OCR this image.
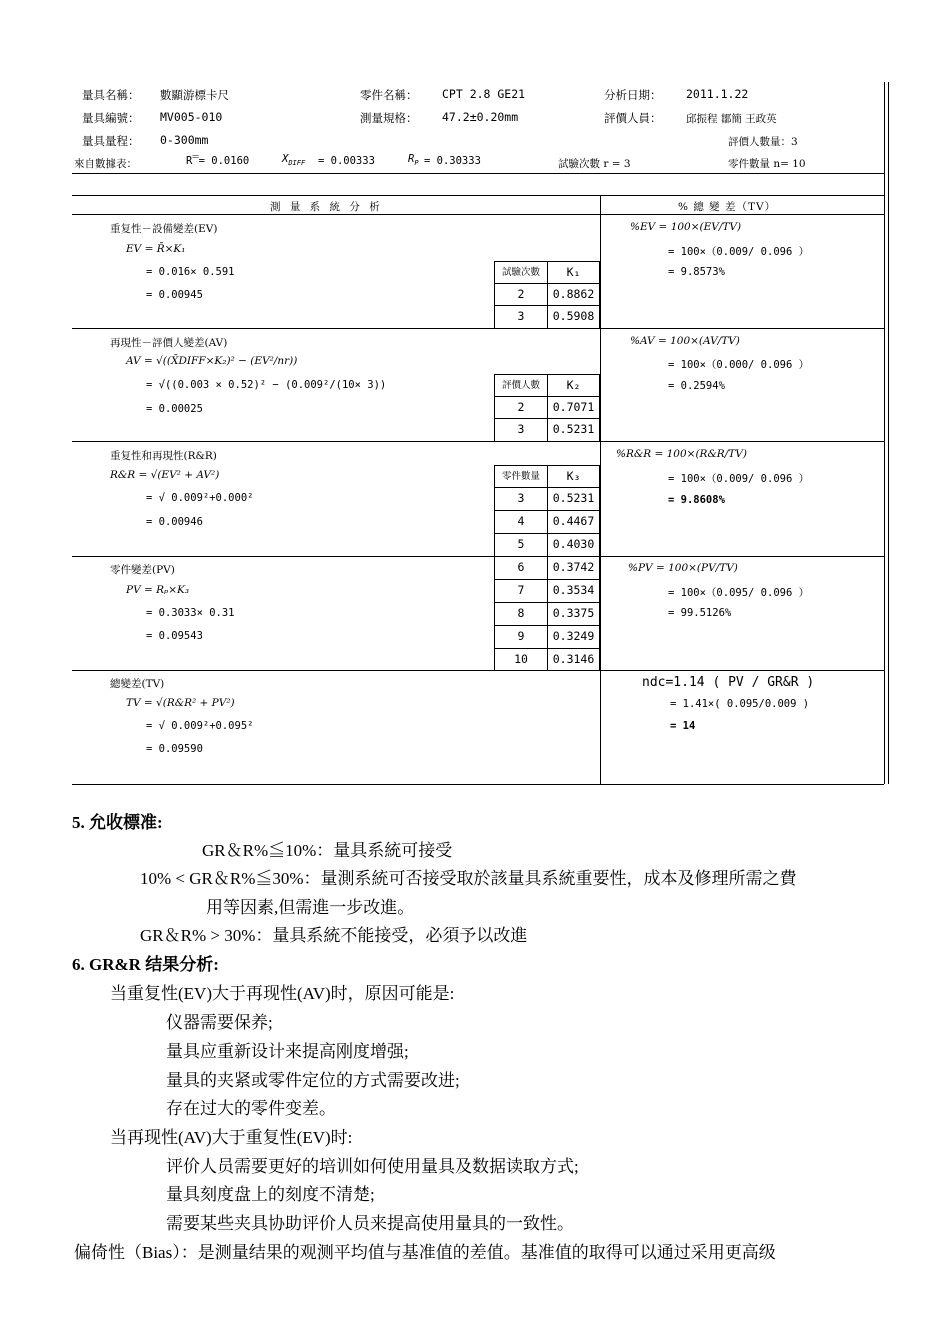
量具名稱： 數顯游標卡尺	零件名稱： CPT 2.8 GE21	分析日期： 2011.1.22
量具編號： MV005-010	測量規格： 47.2±0.20mm	評價人員： 邱振程 鄒簡 王政英
量具量程： 0-300mm	評價人數量：3
來自數據表：	R̿= 0.0160	$X_{DIFF} = 0.00333$	$R_P = 0.30333$	試驗次數 r = 3	零件數量 n= 10
測 量 系 統 分 析	% 總 變 差（TV）
重复性－設備變差(EV)
EV = R̄×K₁
= 0.016× 0.591
= 0.00945
試驗次數	K₁
2	0.8862
3	0.5908
%EV = 100×(EV/TV)
= 100×（0.009/ 0.096 ）
= 9.8573%
再現性－評價人變差(AV)
AV = √((X̄DIFF×K₂)² − (EV²/nr))
= √((0.003 × 0.52)² − (0.009²/(10× 3))
= 0.00025
評價人數	K₂
2	0.7071
3	0.5231
%AV = 100×(AV/TV)
= 100×（0.000/ 0.096 ）
= 0.2594%
重复性和再現性(R&R)
R&R = √(EV² + AV²)
= √ 0.009²+0.000²
= 0.00946
零件數量	K₃
3	0.5231
4	0.4467
5	0.4030
6	0.3742
7	0.3534
8	0.3375
9	0.3249
10	0.3146
%R&R = 100×(R&R/TV)
= 100×（0.009/ 0.096 ）
= 9.8608%
零件變差(PV)
PV = Rₚ×K₃
= 0.3033× 0.31
= 0.09543
%PV = 100×(PV/TV)
= 100×（0.095/ 0.096 ）
= 99.5126%
總變差(TV)
TV = √(R&R² + PV²)
= √ 0.009²+0.095²
= 0.09590
ndc=1.14 ( PV / GR&R )
= 1.41×( 0.095/0.009 )
= 14
5. 允收標准:
GR＆R%≦10%：量具系統可接受
10% < GR＆R%≦30%：量測系統可否接受取於該量具系統重要性，成本及修理所需之費
用等因素,但需進一步改進。
GR＆R% > 30%：量具系統不能接受，必須予以改進
6. GR&R 结果分析:
当重复性(EV)大于再现性(AV)时，原因可能是:
仪器需要保养;
量具应重新设计来提高刚度增强;
量具的夹紧或零件定位的方式需要改进;
存在过大的零件变差。
当再现性(AV)大于重复性(EV)时:
评价人员需要更好的培训如何使用量具及数据读取方式;
量具刻度盘上的刻度不清楚;
需要某些夹具协助评价人员来提高使用量具的一致性。
偏倚性（Bias）：是测量结果的观测平均值与基准值的差值。基准值的取得可以通过采用更高级
